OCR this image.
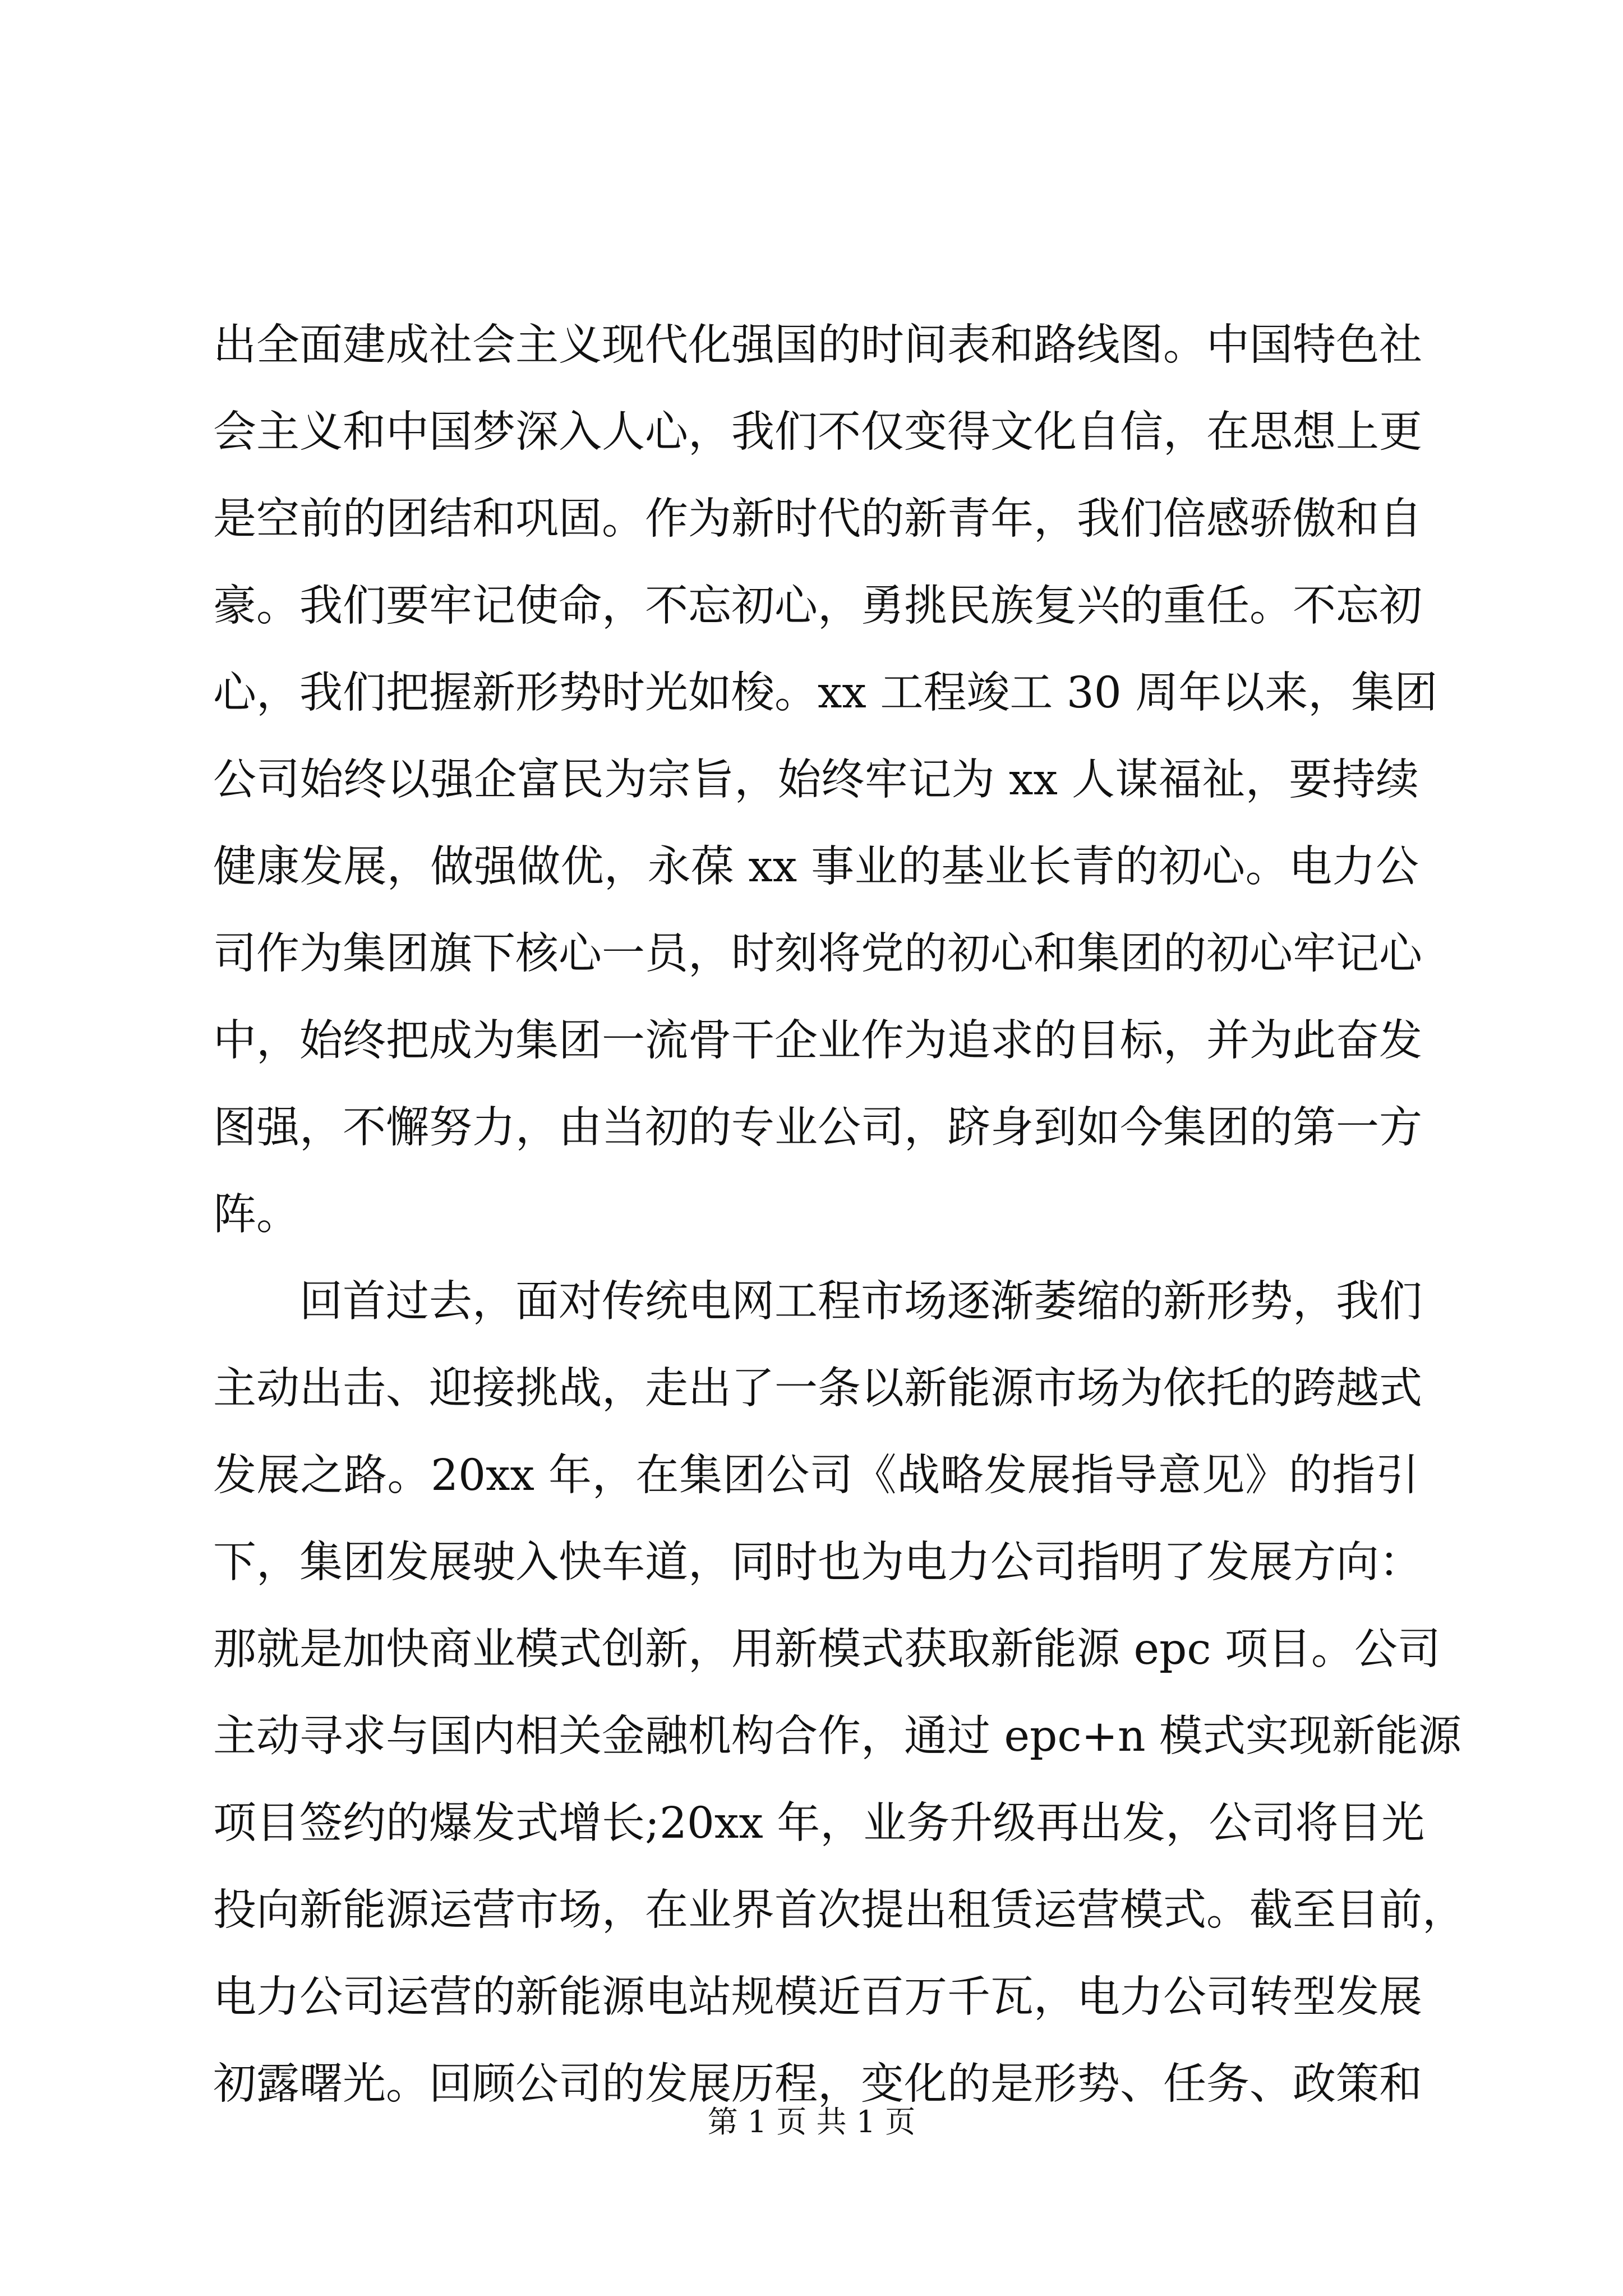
出全面建成社会主义现代化强国的时间表和路线图。中国特色社
会主义和中国梦深入人心，我们不仅变得文化自信，在思想上更
是空前的团结和巩固。作为新时代的新青年，我们倍感骄傲和自
豪。我们要牢记使命，不忘初心，勇挑民族复兴的重任。不忘初
心，我们把握新形势时光如梭。xx 工程竣工 30 周年以来，集团
公司始终以强企富民为宗旨，始终牢记为 xx 人谋福祉，要持续
健康发展，做强做优，永葆 xx 事业的基业长青的初心。电力公
司作为集团旗下核心一员，时刻将党的初心和集团的初心牢记心
中，始终把成为集团一流骨干企业作为追求的目标，并为此奋发
图强，不懈努力，由当初的专业公司，跻身到如今集团的第一方
阵。

回首过去，面对传统电网工程市场逐渐萎缩的新形势，我们
主动出击、迎接挑战，走出了一条以新能源市场为依托的跨越式
发展之路。20xx 年，在集团公司《战略发展指导意见》的指引
下，集团发展驶入快车道，同时也为电力公司指明了发展方向：
那就是加快商业模式创新，用新模式获取新能源 epc 项目。公司
主动寻求与国内相关金融机构合作，通过 epc+n 模式实现新能源
项目签约的爆发式增长;20xx 年，业务升级再出发，公司将目光
投向新能源运营市场，在业界首次提出租赁运营模式。截至目前，
电力公司运营的新能源电站规模近百万千瓦，电力公司转型发展
初露曙光。回顾公司的发展历程，变化的是形势、任务、政策和

第 1 页 共 1 页
